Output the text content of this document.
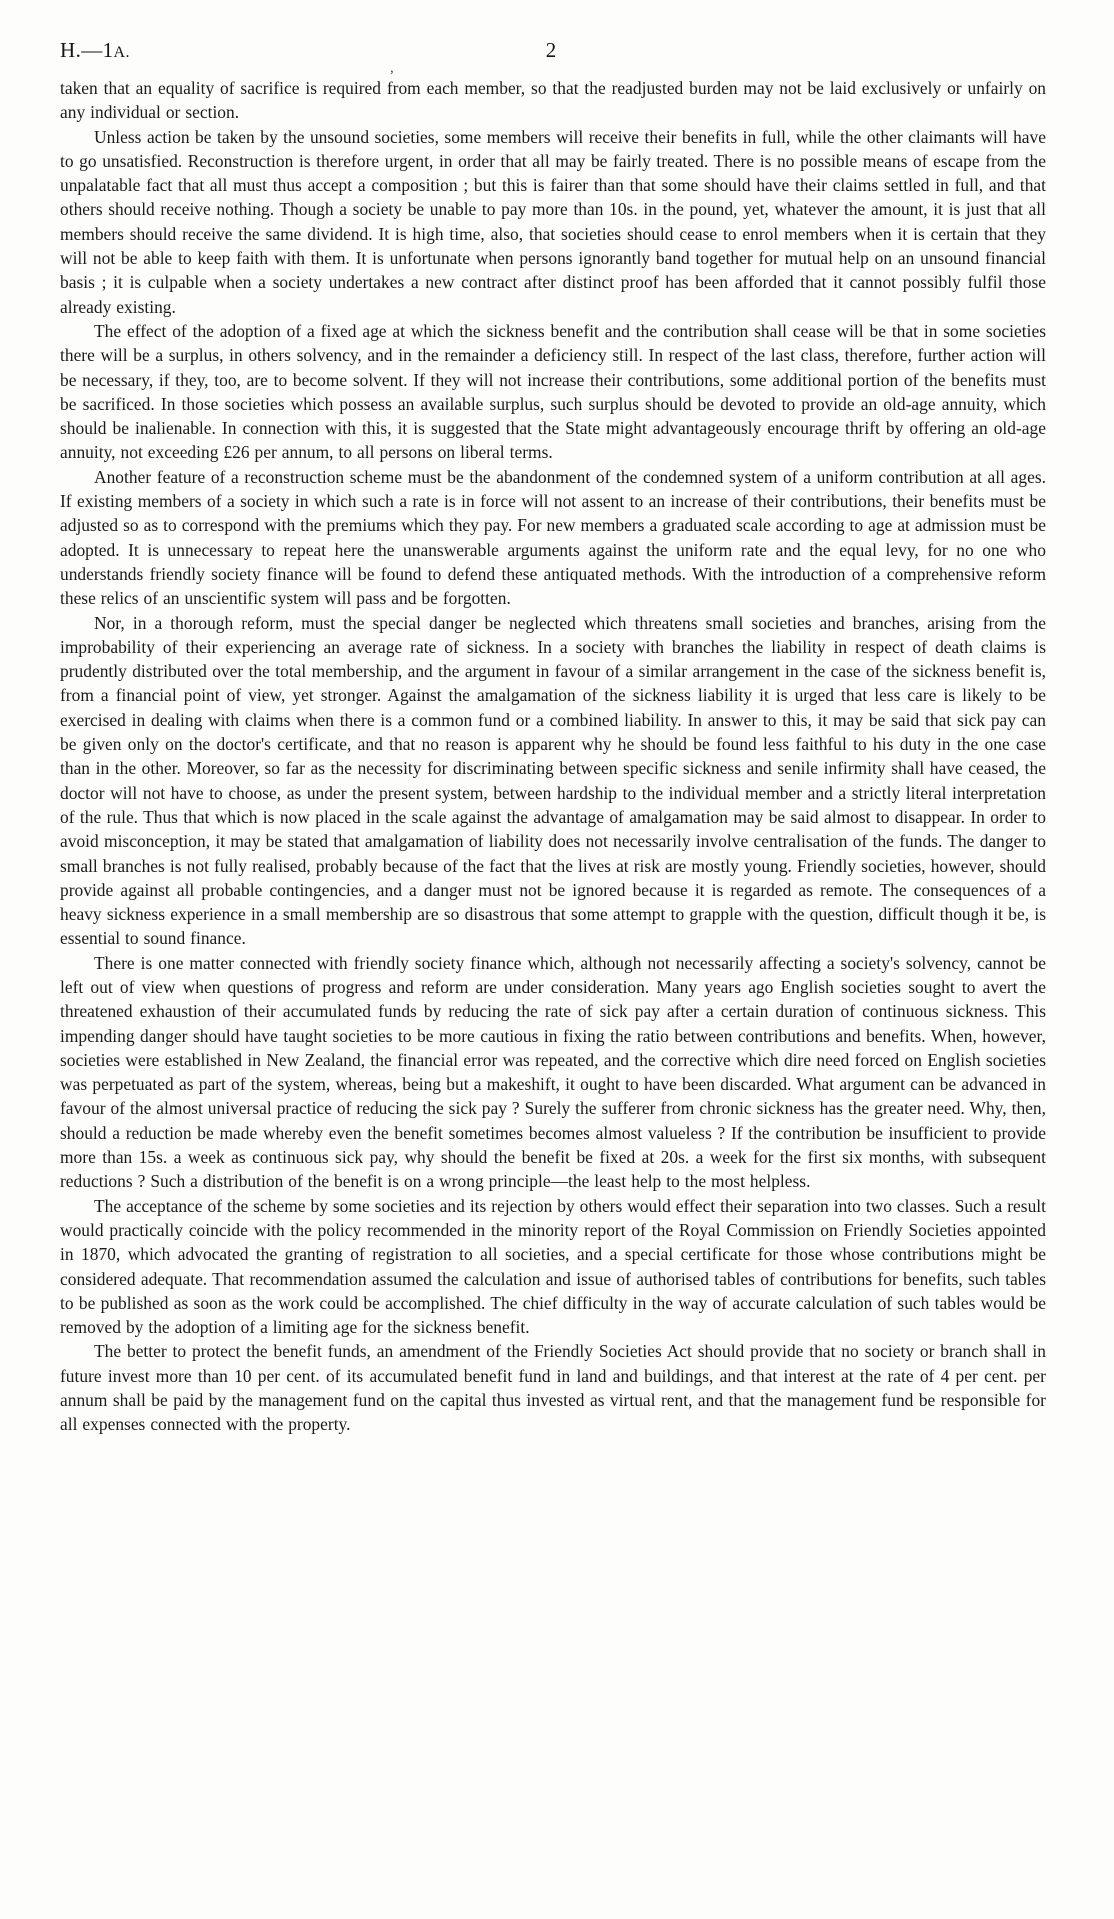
H.—1A.
,
2

taken that an equality of sacrifice is required from each member, so that the readjusted burden may not be laid exclusively or unfairly on any individual or section.

Unless action be taken by the unsound societies, some members will receive their benefits in full, while the other claimants will have to go unsatisfied. Reconstruction is therefore urgent, in order that all may be fairly treated. There is no possible means of escape from the unpalatable fact that all must thus accept a composition ; but this is fairer than that some should have their claims settled in full, and that others should receive nothing. Though a society be unable to pay more than 10s. in the pound, yet, whatever the amount, it is just that all members should receive the same dividend. It is high time, also, that societies should cease to enrol members when it is certain that they will not be able to keep faith with them. It is unfortunate when persons ignorantly band together for mutual help on an unsound financial basis ; it is culpable when a society undertakes a new contract after distinct proof has been afforded that it cannot possibly fulfil those already existing.

The effect of the adoption of a fixed age at which the sickness benefit and the contribution shall cease will be that in some societies there will be a surplus, in others solvency, and in the remainder a deficiency still. In respect of the last class, therefore, further action will be necessary, if they, too, are to become solvent. If they will not increase their contributions, some additional portion of the benefits must be sacrificed. In those societies which possess an available surplus, such surplus should be devoted to provide an old-age annuity, which should be inalienable. In connection with this, it is suggested that the State might advantageously encourage thrift by offering an old-age annuity, not exceeding £26 per annum, to all persons on liberal terms.

Another feature of a reconstruction scheme must be the abandonment of the condemned system of a uniform contribution at all ages. If existing members of a society in which such a rate is in force will not assent to an increase of their contributions, their benefits must be adjusted so as to correspond with the premiums which they pay. For new members a graduated scale according to age at admission must be adopted. It is unnecessary to repeat here the unanswerable arguments against the uniform rate and the equal levy, for no one who understands friendly society finance will be found to defend these antiquated methods. With the introduction of a comprehensive reform these relics of an unscientific system will pass and be forgotten.

Nor, in a thorough reform, must the special danger be neglected which threatens small societies and branches, arising from the improbability of their experiencing an average rate of sickness. In a society with branches the liability in respect of death claims is prudently distributed over the total membership, and the argument in favour of a similar arrangement in the case of the sickness benefit is, from a financial point of view, yet stronger. Against the amalgamation of the sickness liability it is urged that less care is likely to be exercised in dealing with claims when there is a common fund or a combined liability. In answer to this, it may be said that sick pay can be given only on the doctor's certificate, and that no reason is apparent why he should be found less faithful to his duty in the one case than in the other. Moreover, so far as the necessity for discriminating between specific sickness and senile infirmity shall have ceased, the doctor will not have to choose, as under the present system, between hardship to the individual member and a strictly literal interpretation of the rule. Thus that which is now placed in the scale against the advantage of amalgamation may be said almost to disappear. In order to avoid misconception, it may be stated that amalgamation of liability does not necessarily involve centralisation of the funds. The danger to small branches is not fully realised, probably because of the fact that the lives at risk are mostly young. Friendly societies, however, should provide against all probable contingencies, and a danger must not be ignored because it is regarded as remote. The consequences of a heavy sickness experience in a small membership are so disastrous that some attempt to grapple with the question, difficult though it be, is essential to sound finance.

There is one matter connected with friendly society finance which, although not necessarily affecting a society's solvency, cannot be left out of view when questions of progress and reform are under consideration. Many years ago English societies sought to avert the threatened exhaustion of their accumulated funds by reducing the rate of sick pay after a certain duration of continuous sickness. This impending danger should have taught societies to be more cautious in fixing the ratio between contributions and benefits. When, however, societies were established in New Zealand, the financial error was repeated, and the corrective which dire need forced on English societies was perpetuated as part of the system, whereas, being but a makeshift, it ought to have been discarded. What argument can be advanced in favour of the almost universal practice of reducing the sick pay ? Surely the sufferer from chronic sickness has the greater need. Why, then, should a reduction be made whereby even the benefit sometimes becomes almost valueless ? If the contribution be insufficient to provide more than 15s. a week as continuous sick pay, why should the benefit be fixed at 20s. a week for the first six months, with subsequent reductions ? Such a distribution of the benefit is on a wrong principle—the least help to the most helpless.

The acceptance of the scheme by some societies and its rejection by others would effect their separation into two classes. Such a result would practically coincide with the policy recommended in the minority report of the Royal Commission on Friendly Societies appointed in 1870, which advocated the granting of registration to all societies, and a special certificate for those whose contributions might be considered adequate. That recommendation assumed the calculation and issue of authorised tables of contributions for benefits, such tables to be published as soon as the work could be accomplished. The chief difficulty in the way of accurate calculation of such tables would be removed by the adoption of a limiting age for the sickness benefit.

The better to protect the benefit funds, an amendment of the Friendly Societies Act should provide that no society or branch shall in future invest more than 10 per cent. of its accumulated benefit fund in land and buildings, and that interest at the rate of 4 per cent. per annum shall be paid by the management fund on the capital thus invested as virtual rent, and that the management fund be responsible for all expenses connected with the property.
